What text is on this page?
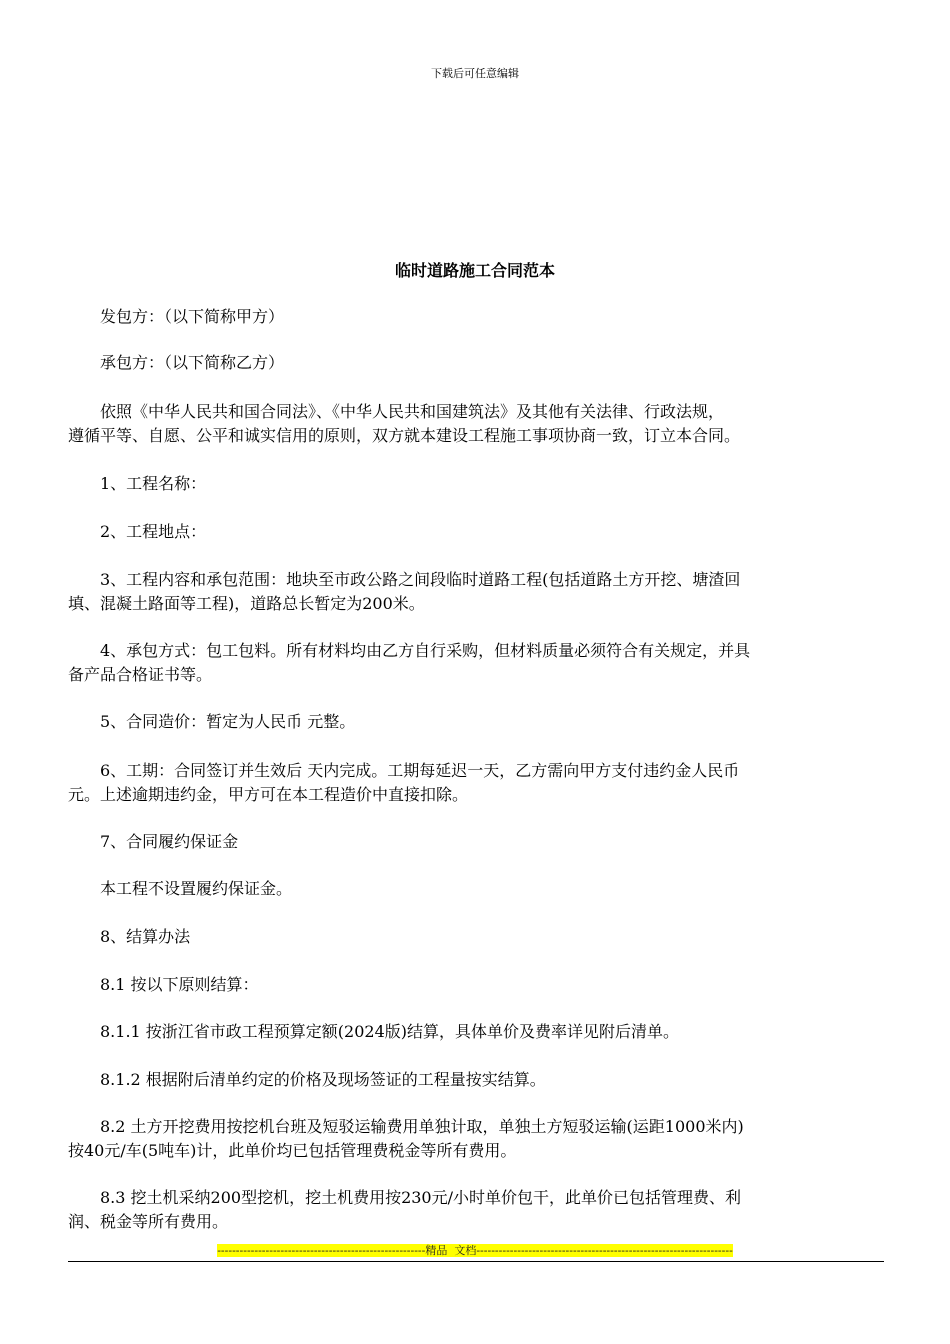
下载后可任意编辑
临时道路施工合同范本

　　发包方：（以下简称甲方）

　　承包方：（以下简称乙方）

　　依照《中华人民共和国合同法》、《中华人民共和国建筑法》及其他有关法律、行政法规，
遵循平等、自愿、公平和诚实信用的原则，双方就本建设工程施工事项协商一致，订立本合同。

　　1、工程名称：

　　2、工程地点：

　　3、工程内容和承包范围：地块至市政公路之间段临时道路工程(包括道路土方开挖、塘渣回
填、混凝土路面等工程)，道路总长暂定为200米。

　　4、承包方式：包工包料。所有材料均由乙方自行采购，但材料质量必须符合有关规定，并具
备产品合格证书等。

　　5、合同造价：暂定为人民币 元整。

　　6、工期：合同签订并生效后 天内完成。工期每延迟一天，乙方需向甲方支付违约金人民币
元。上述逾期违约金，甲方可在本工程造价中直接扣除。

　　7、合同履约保证金

　　本工程不设置履约保证金。

　　8、结算办法

　　8.1 按以下原则结算：

　　8.1.1 按浙江省市政工程预算定额(2024版)结算，具体单价及费率详见附后清单。

　　8.1.2 根据附后清单约定的价格及现场签证的工程量按实结算。

　　8.2 土方开挖费用按挖机台班及短驳运输费用单独计取，单独土方短驳运输(运距1000米内)
按40元/车(5吨车)计，此单价均已包括管理费税金等所有费用。

　　8.3 挖土机采纳200型挖机，挖土机费用按230元/小时单价包干，此单价已包括管理费、利
润、税金等所有费用。

--------------------------------------------------------精品  文档---------------------------------------------------------------------
